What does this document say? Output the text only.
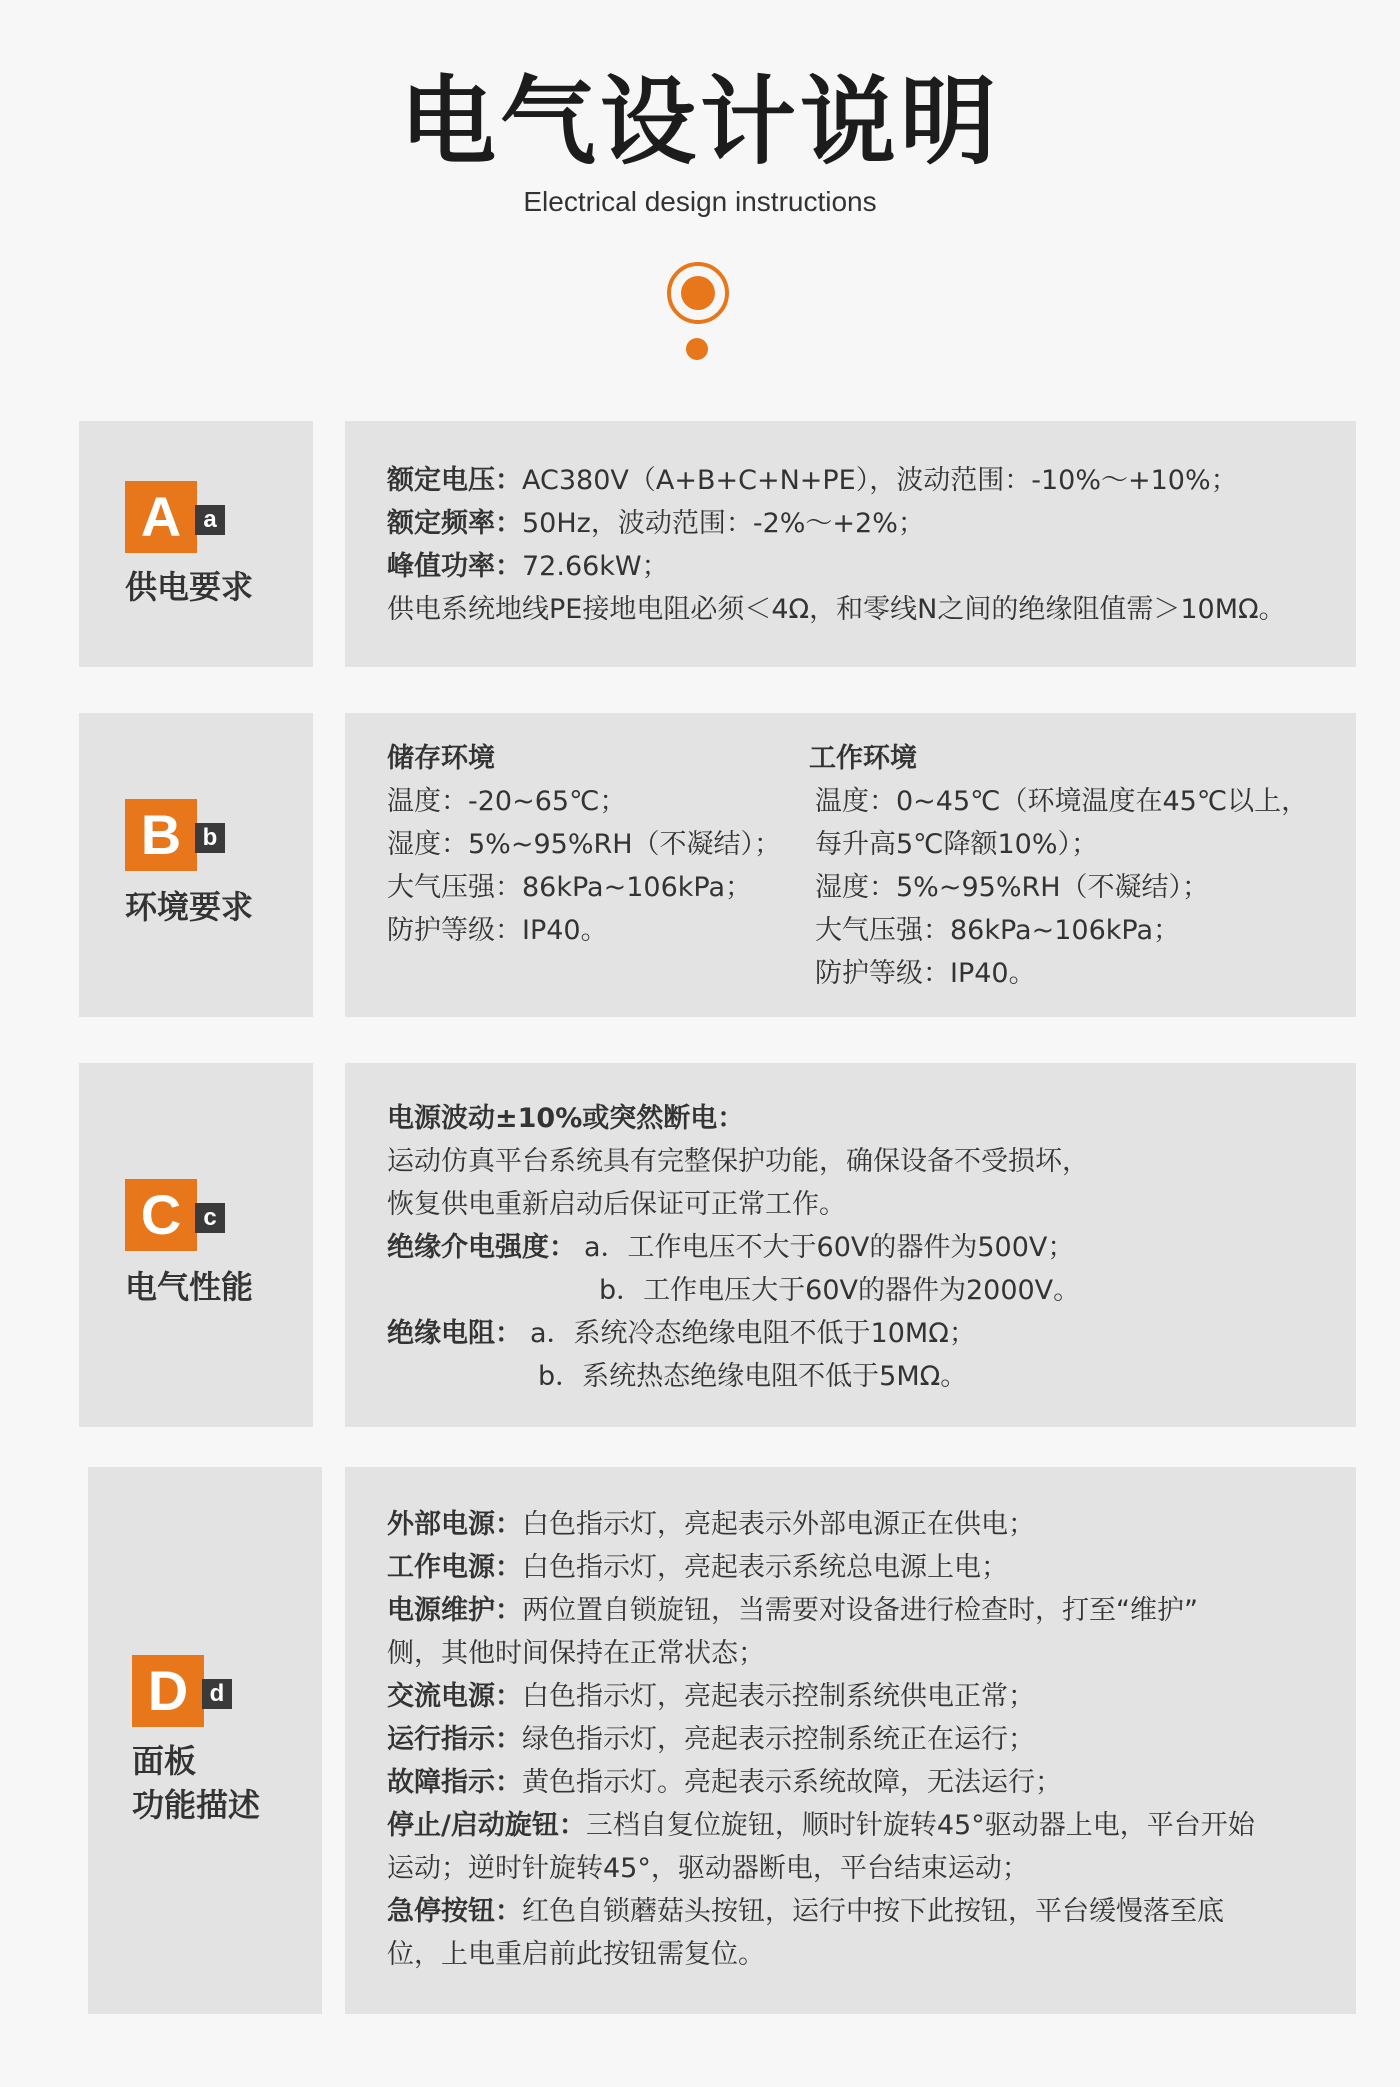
电气设计说明
Electrical design instructions
A a
供电要求
额定电压：AC380V（A+B+C+N+PE），波动范围：-10%～+10%；
额定频率：50Hz，波动范围：-2%～+2%；
峰值功率：72.66kW；
供电系统地线PE接地电阻必须＜4Ω，和零线N之间的绝缘阻值需＞10MΩ。
B b
环境要求
储存环境
温度：-20~65℃；
湿度：5%~95%RH（不凝结）；
大气压强：86kPa~106kPa；
防护等级：IP40。
工作环境
温度：0~45℃（环境温度在45℃以上，
每升高5℃降额10%）；
湿度：5%~95%RH（不凝结）；
大气压强：86kPa~106kPa；
防护等级：IP40。
C c
电气性能
电源波动±10%或突然断电：
运动仿真平台系统具有完整保护功能，确保设备不受损坏，
恢复供电重新启动后保证可正常工作。
绝缘介电强度： a．工作电压不大于60V的器件为500V；
b．工作电压大于60V的器件为2000V。
绝缘电阻： a．系统冷态绝缘电阻不低于10MΩ；
b．系统热态绝缘电阻不低于5MΩ。
D d
面板
功能描述
外部电源：白色指示灯，亮起表示外部电源正在供电；
工作电源：白色指示灯，亮起表示系统总电源上电；
电源维护：两位置自锁旋钮，当需要对设备进行检查时，打至“维护”
侧，其他时间保持在正常状态；
交流电源：白色指示灯，亮起表示控制系统供电正常；
运行指示：绿色指示灯，亮起表示控制系统正在运行；
故障指示：黄色指示灯。亮起表示系统故障，无法运行；
停止/启动旋钮：三档自复位旋钮，顺时针旋转45°驱动器上电，平台开始
运动；逆时针旋转45°，驱动器断电，平台结束运动；
急停按钮：红色自锁蘑菇头按钮，运行中按下此按钮，平台缓慢落至底
位，上电重启前此按钮需复位。
